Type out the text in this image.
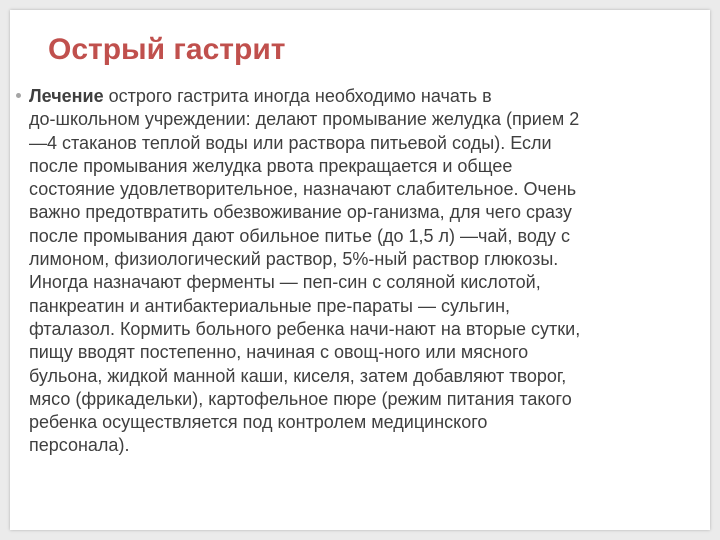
Острый гастрит

Лечение острого гастрита иногда необходимо начать в
до-школьном учреждении: делают промывание желудка (прием 2
—4 стаканов теплой воды или раствора питьевой соды). Если
после промывания желудка рвота прекращается и общее
состояние удовлетворительное, назначают слабительное. Очень
важно предотвратить обезвоживание ор-ганизма, для чего сразу
после промывания дают обильное питье (до 1,5 л) —чай, воду с
лимоном, физиологический раствор, 5%-ный раствор глюкозы.
Иногда назначают ферменты — пеп-син с соляной кислотой,
панкреатин и антибактериальные пре-параты — сульгин,
фталазол. Кормить больного ребенка начи-нают на вторые сутки,
пищу вводят постепенно, начиная с овощ-ного или мясного
бульона, жидкой манной каши, киселя, затем добавляют творог,
мясо (фрикадельки), картофельное пюре (режим питания такого
ребенка осуществляется под контролем медицинского
персонала).
